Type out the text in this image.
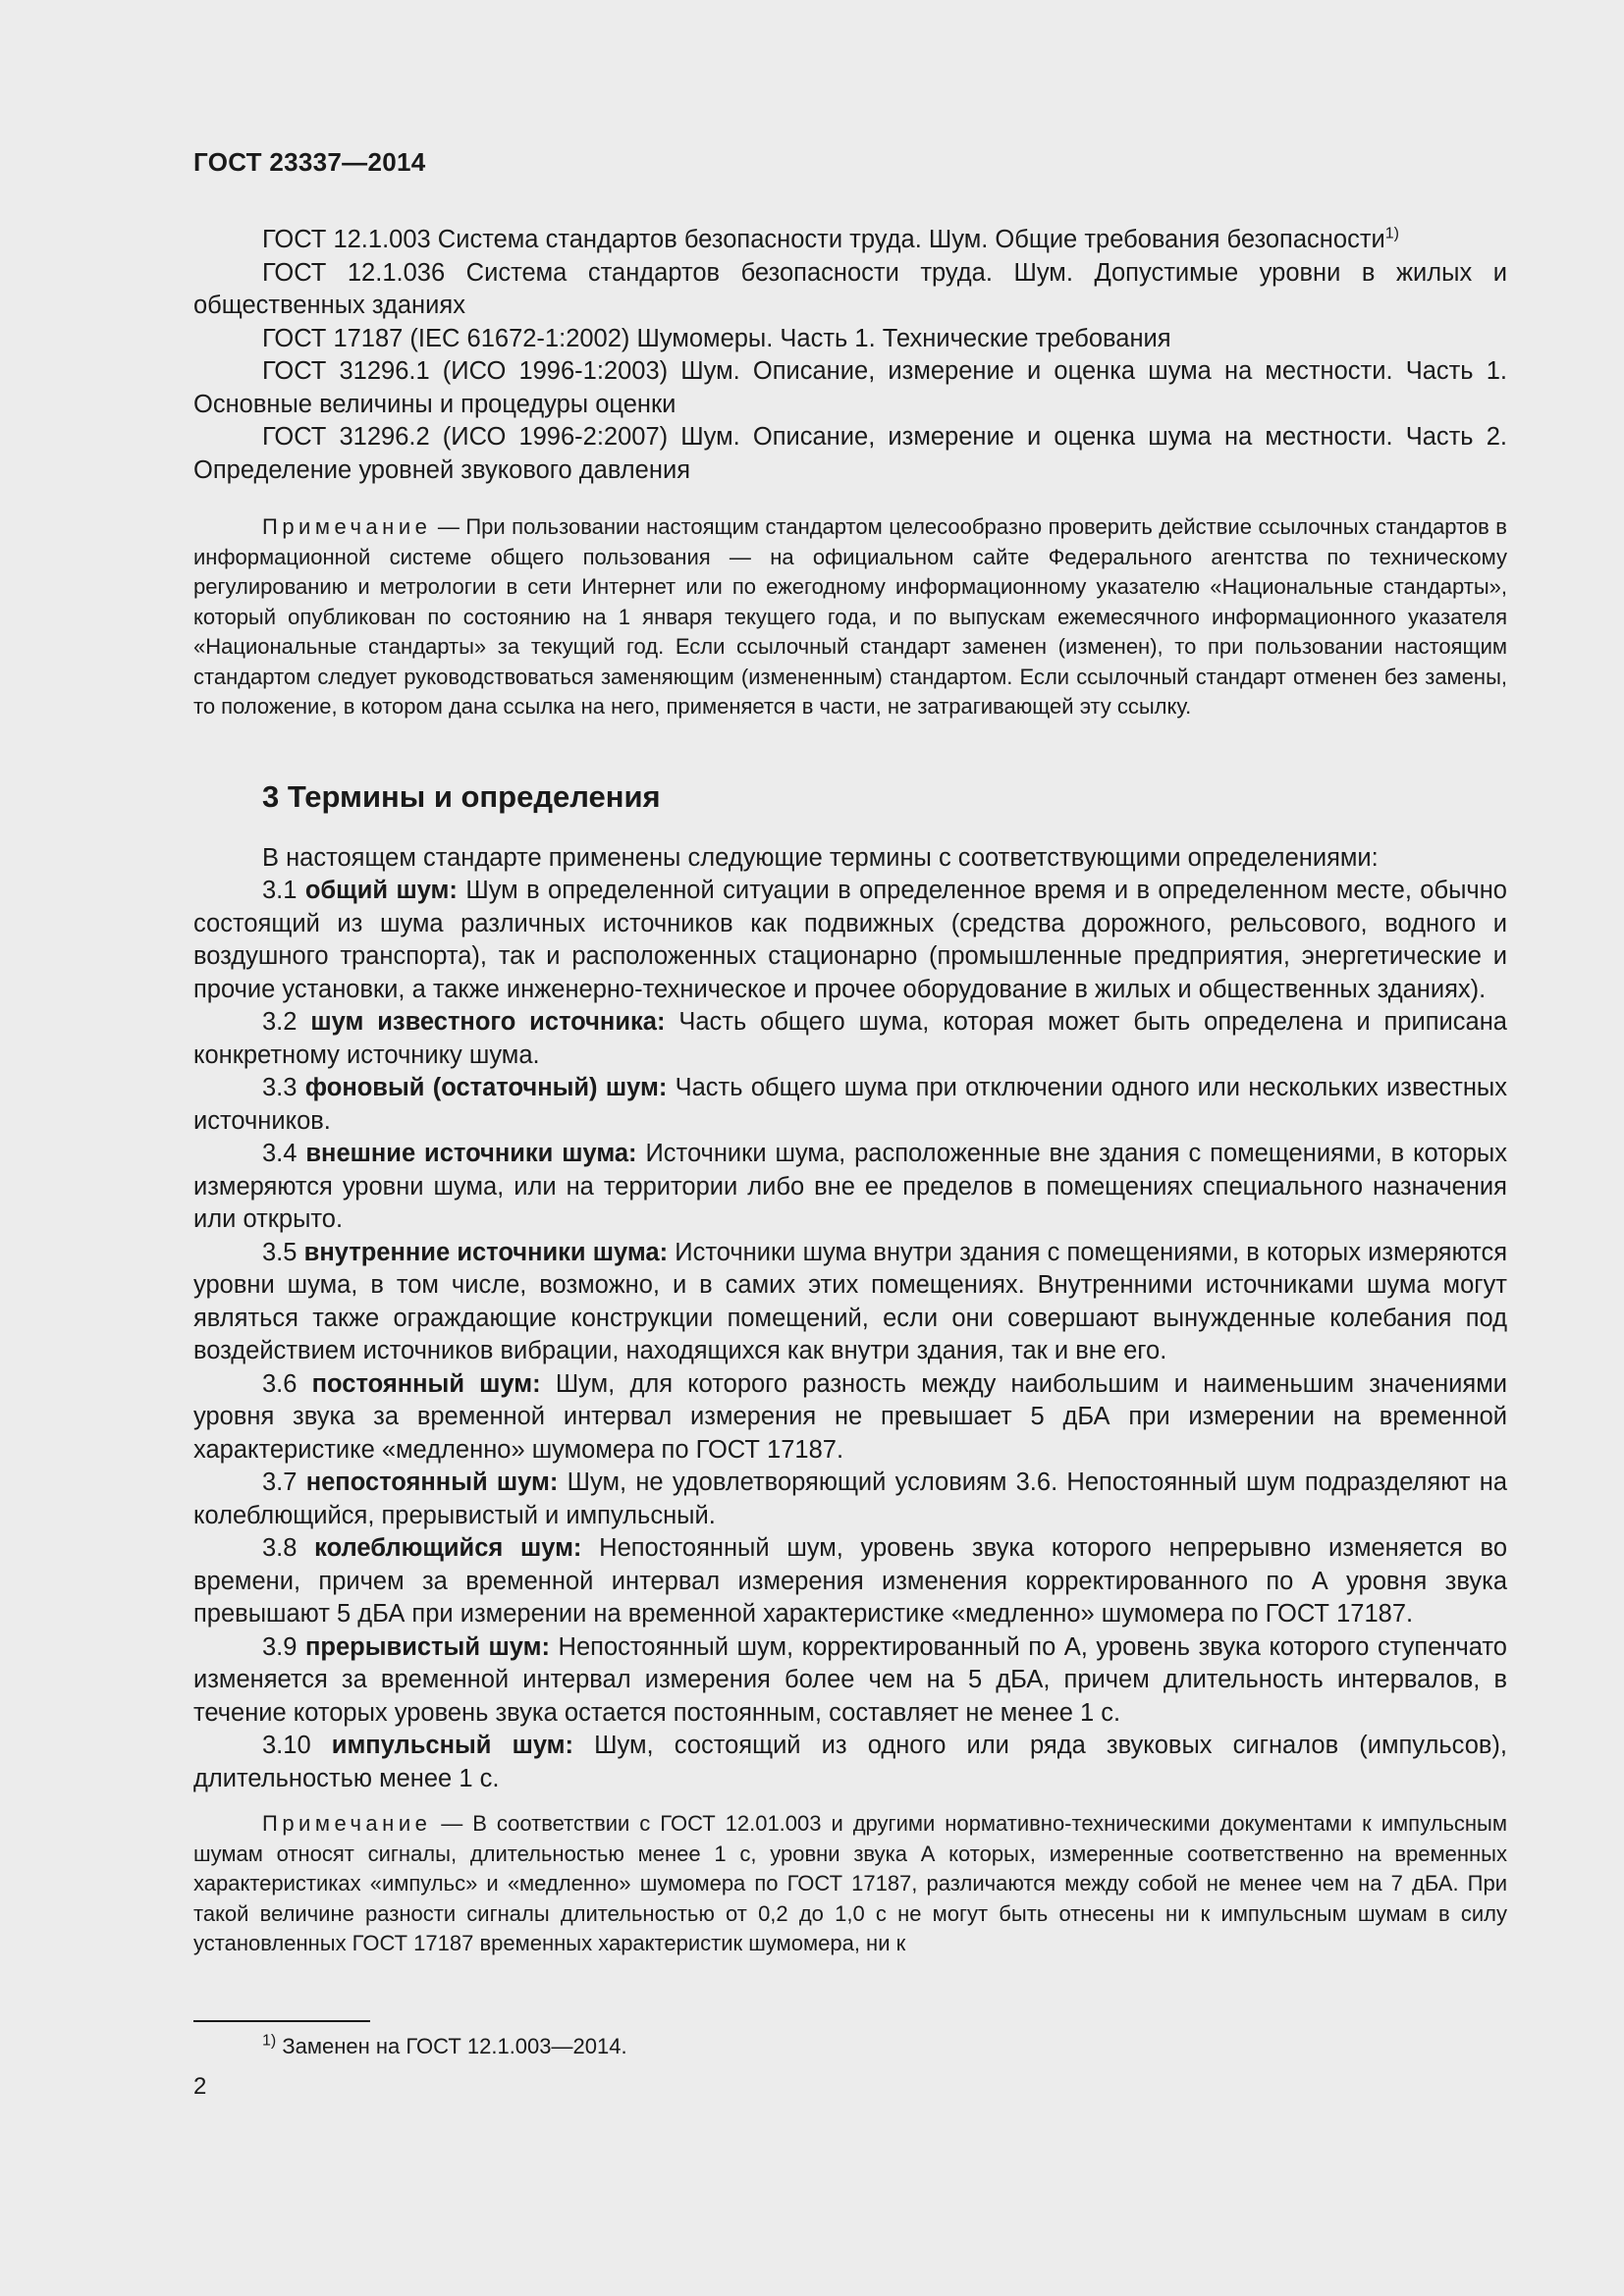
ГОСТ 23337—2014

ГОСТ 12.1.003 Система стандартов безопасности труда. Шум. Общие требования безопасности$^{1)}$

ГОСТ 12.1.036 Система стандартов безопасности труда. Шум. Допустимые уровни в жилых и общественных зданиях

ГОСТ 17187 (IEC 61672-1:2002) Шумомеры. Часть 1. Технические требования

ГОСТ 31296.1 (ИСО 1996-1:2003) Шум. Описание, измерение и оценка шума на местности. Часть 1. Основные величины и процедуры оценки

ГОСТ 31296.2 (ИСО 1996-2:2007) Шум. Описание, измерение и оценка шума на местности. Часть 2. Определение уровней звукового давления

Примечание — При пользовании настоящим стандартом целесообразно проверить действие ссылочных стандартов в информационной системе общего пользования — на официальном сайте Федерального агентства по техническому регулированию и метрологии в сети Интернет или по ежегодному информационному указателю «Национальные стандарты», который опубликован по состоянию на 1 января текущего года, и по выпускам ежемесячного информационного указателя «Национальные стандарты» за текущий год. Если ссылочный стандарт заменен (изменен), то при пользовании настоящим стандартом следует руководствоваться заменяющим (измененным) стандартом. Если ссылочный стандарт отменен без замены, то положение, в котором дана ссылка на него, применяется в части, не затрагивающей эту ссылку.

3 Термины и определения

В настоящем стандарте применены следующие термины с соответствующими определениями:

3.1 общий шум: Шум в определенной ситуации в определенное время и в определенном месте, обычно состоящий из шума различных источников как подвижных (средства дорожного, рельсового, водного и воздушного транспорта), так и расположенных стационарно (промышленные предприятия, энергетические и прочие установки, а также инженерно-техническое и прочее оборудование в жилых и общественных зданиях).

3.2 шум известного источника: Часть общего шума, которая может быть определена и приписана конкретному источнику шума.

3.3 фоновый (остаточный) шум: Часть общего шума при отключении одного или нескольких известных источников.

3.4 внешние источники шума: Источники шума, расположенные вне здания с помещениями, в которых измеряются уровни шума, или на территории либо вне ее пределов в помещениях специального назначения или открыто.

3.5 внутренние источники шума: Источники шума внутри здания с помещениями, в которых измеряются уровни шума, в том числе, возможно, и в самих этих помещениях. Внутренними источниками шума могут являться также ограждающие конструкции помещений, если они совершают вынужденные колебания под воздействием источников вибрации, находящихся как внутри здания, так и вне его.

3.6 постоянный шум: Шум, для которого разность между наибольшим и наименьшим значениями уровня звука за временной интервал измерения не превышает 5 дБА при измерении на временной характеристике «медленно» шумомера по ГОСТ 17187.

3.7 непостоянный шум: Шум, не удовлетворяющий условиям 3.6. Непостоянный шум подразделяют на колеблющийся, прерывистый и импульсный.

3.8 колеблющийся шум: Непостоянный шум, уровень звука которого непрерывно изменяется во времени, причем за временной интервал измерения изменения корректированного по А уровня звука превышают 5 дБА при измерении на временной характеристике «медленно» шумомера по ГОСТ 17187.

3.9 прерывистый шум: Непостоянный шум, корректированный по А, уровень звука которого ступенчато изменяется за временной интервал измерения более чем на 5 дБА, причем длительность интервалов, в течение которых уровень звука остается постоянным, составляет не менее 1 с.

3.10 импульсный шум: Шум, состоящий из одного или ряда звуковых сигналов (импульсов), длительностью менее 1 с.

Примечание — В соответствии с ГОСТ 12.01.003 и другими нормативно-техническими документами к импульсным шумам относят сигналы, длительностью менее 1 с, уровни звука А которых, измеренные соответственно на временных характеристиках «импульс» и «медленно» шумомера по ГОСТ 17187, различаются между собой не менее чем на 7 дБА. При такой величине разности сигналы длительностью от 0,2 до 1,0 с не могут быть отнесены ни к импульсным шумам в силу установленных ГОСТ 17187 временных характеристик шумомера, ни к

$^{1)}$ Заменен на ГОСТ 12.1.003—2014.
2
